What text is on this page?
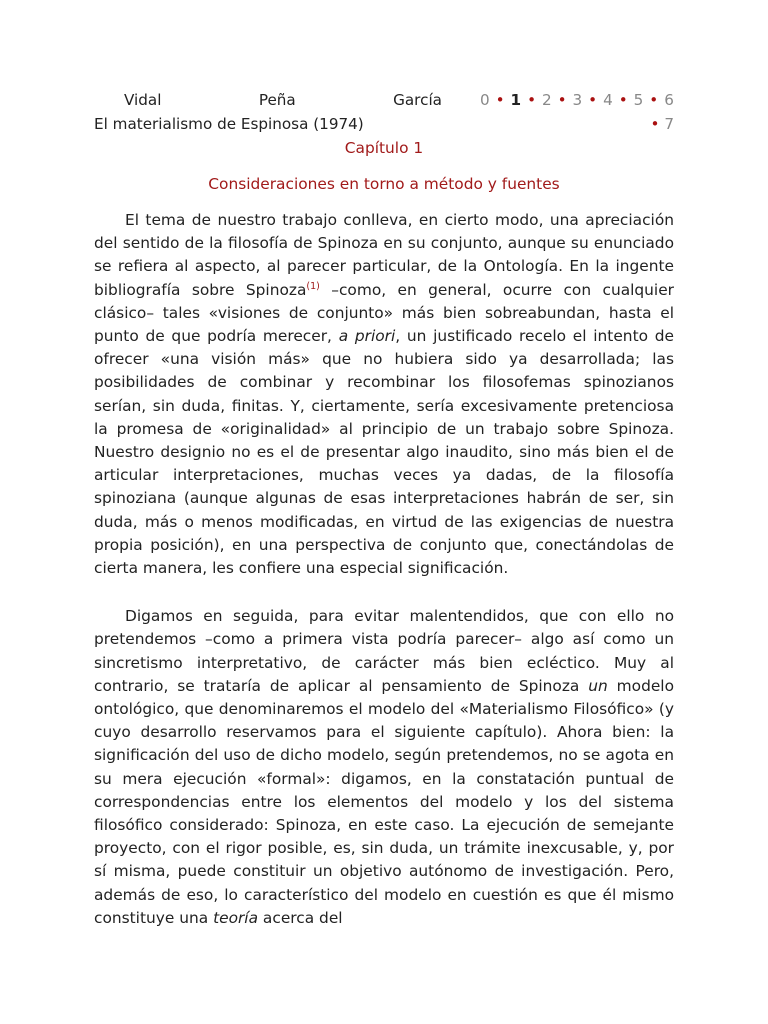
Vidal	Peña	García	0 • 1 • 2 • 3 • 4 • 5 • 6
El materialismo de Espinosa (1974)	• 7
Capítulo 1
Consideraciones en torno a método y fuentes

El tema de nuestro trabajo conlleva, en cierto modo, una apreciación del sentido de la filosofía de Spinoza en su conjunto, aunque su enunciado se refiera al aspecto, al parecer particular, de la Ontología. En la ingente bibliografía sobre Spinoza$^{(1)}$ –como, en general, ocurre con cualquier clásico– tales «visiones de conjunto» más bien sobreabundan, hasta el punto de que podría merecer, a priori, un justificado recelo el intento de ofrecer «una visión más» que no hubiera sido ya desarrollada; las posibilidades de combinar y recombinar los filosofemas spinozianos serían, sin duda, finitas. Y, ciertamente, sería excesivamente pretenciosa la promesa de «originalidad» al principio de un trabajo sobre Spinoza. Nuestro designio no es el de presentar algo inaudito, sino más bien el de articular interpretaciones, muchas veces ya dadas, de la filosofía spinoziana (aunque algunas de esas interpretaciones habrán de ser, sin duda, más o menos modificadas, en virtud de las exigencias de nuestra propia posición), en una perspectiva de conjunto que, conectándolas de cierta manera, les confiere una especial significación.

Digamos en seguida, para evitar malentendidos, que con ello no pretendemos –como a primera vista podría parecer– algo así como un sincretismo interpretativo, de carácter más bien ecléctico. Muy al contrario, se trataría de aplicar al pensamiento de Spinoza un modelo ontológico, que denominaremos el modelo del «Materialismo Filosófico» (y cuyo desarrollo reservamos para el siguiente capítulo). Ahora bien: la significación del uso de dicho modelo, según pretendemos, no se agota en su mera ejecución «formal»: digamos, en la constatación puntual de correspondencias entre los elementos del modelo y los del sistema filosófico considerado: Spinoza, en este caso. La ejecución de semejante proyecto, con el rigor posible, es, sin duda, un trámite inexcusable, y, por sí misma, puede constituir un objetivo autónomo de investigación. Pero, además de eso, lo característico del modelo en cuestión es que él mismo constituye una teoría acerca del
